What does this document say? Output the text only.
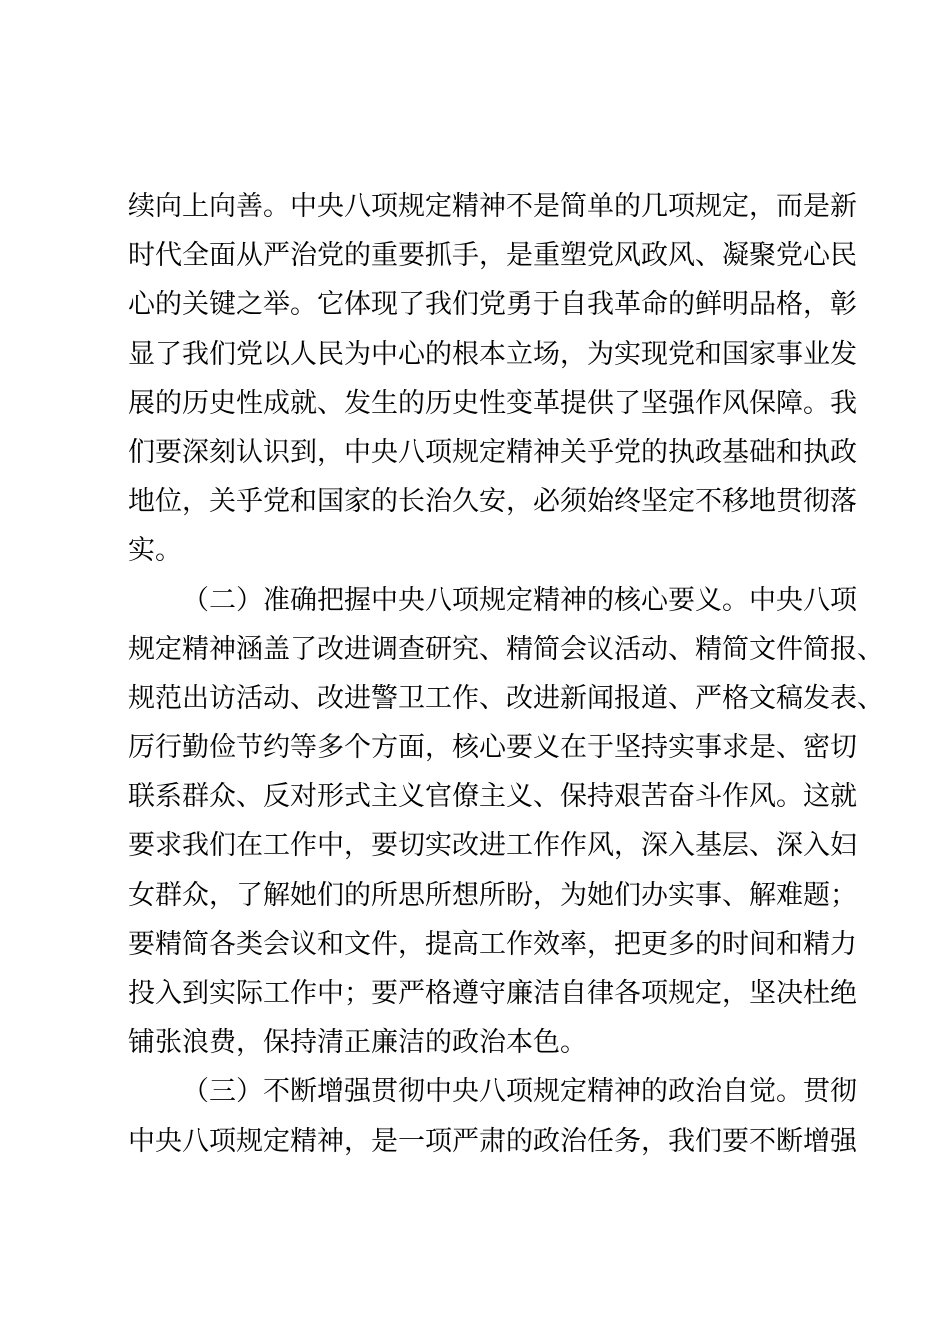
续向上向善。中央八项规定精神不是简单的几项规定，而是新
时代全面从严治党的重要抓手，是重塑党风政风、凝聚党心民
心的关键之举。它体现了我们党勇于自我革命的鲜明品格，彰
显了我们党以人民为中心的根本立场，为实现党和国家事业发
展的历史性成就、发生的历史性变革提供了坚强作风保障。我
们要深刻认识到，中央八项规定精神关乎党的执政基础和执政
地位，关乎党和国家的长治久安，必须始终坚定不移地贯彻落
实。
（二）准确把握中央八项规定精神的核心要义。中央八项
规定精神涵盖了改进调查研究、精简会议活动、精简文件简报、
规范出访活动、改进警卫工作、改进新闻报道、严格文稿发表、
厉行勤俭节约等多个方面，核心要义在于坚持实事求是、密切
联系群众、反对形式主义官僚主义、保持艰苦奋斗作风。这就
要求我们在工作中，要切实改进工作作风，深入基层、深入妇
女群众，了解她们的所思所想所盼，为她们办实事、解难题；
要精简各类会议和文件，提高工作效率，把更多的时间和精力
投入到实际工作中；要严格遵守廉洁自律各项规定，坚决杜绝
铺张浪费，保持清正廉洁的政治本色。
（三）不断增强贯彻中央八项规定精神的政治自觉。贯彻
中央八项规定精神，是一项严肃的政治任务，我们要不断增强
